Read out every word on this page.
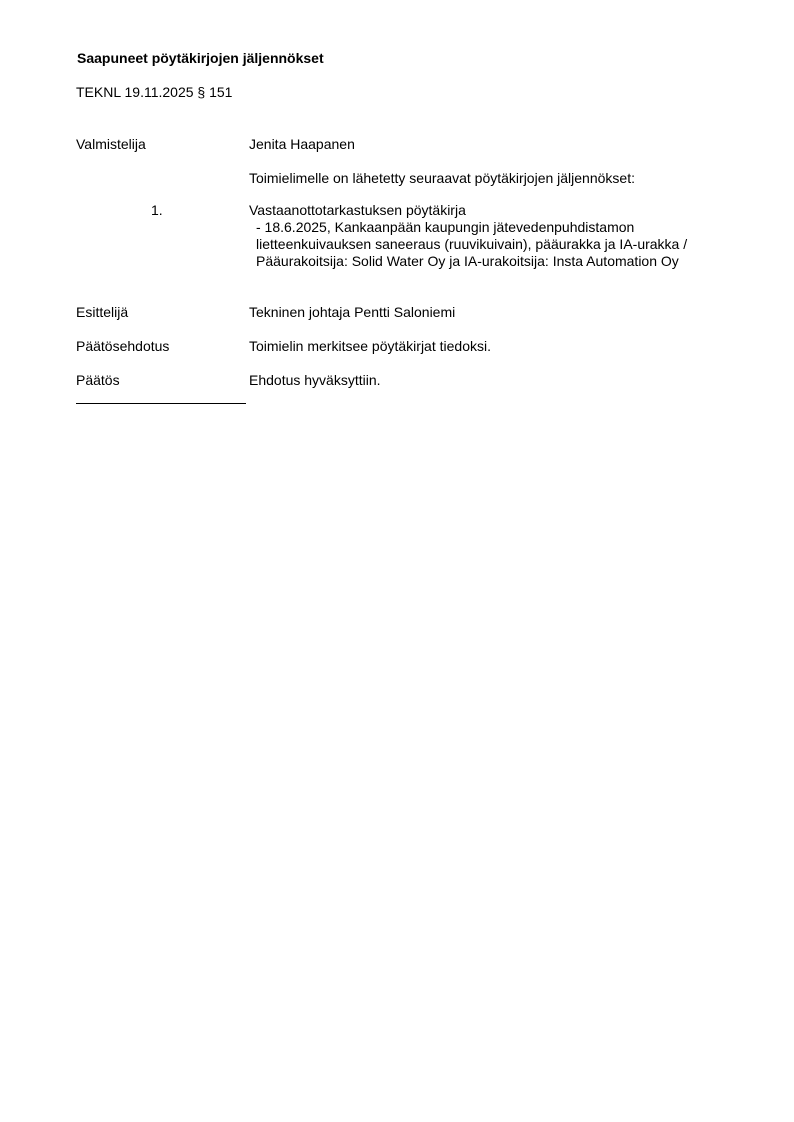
Saapuneet pöytäkirjojen jäljennökset
TEKNL 19.11.2025 § 151
Valmistelija	Jenita Haapanen
Toimielimelle on lähetetty seuraavat pöytäkirjojen jäljennökset:
1.	Vastaanottotarkastuksen pöytäkirja
- 18.6.2025, Kankaanpään kaupungin jätevedenpuhdistamon
lietteenkuivauksen saneeraus (ruuvikuivain), pääurakka ja IA-urakka /
Pääurakoitsija: Solid Water Oy ja IA-urakoitsija: Insta Automation Oy
Esittelijä	Tekninen johtaja Pentti Saloniemi
Päätösehdotus	Toimielin merkitsee pöytäkirjat tiedoksi.
Päätös	Ehdotus hyväksyttiin.
